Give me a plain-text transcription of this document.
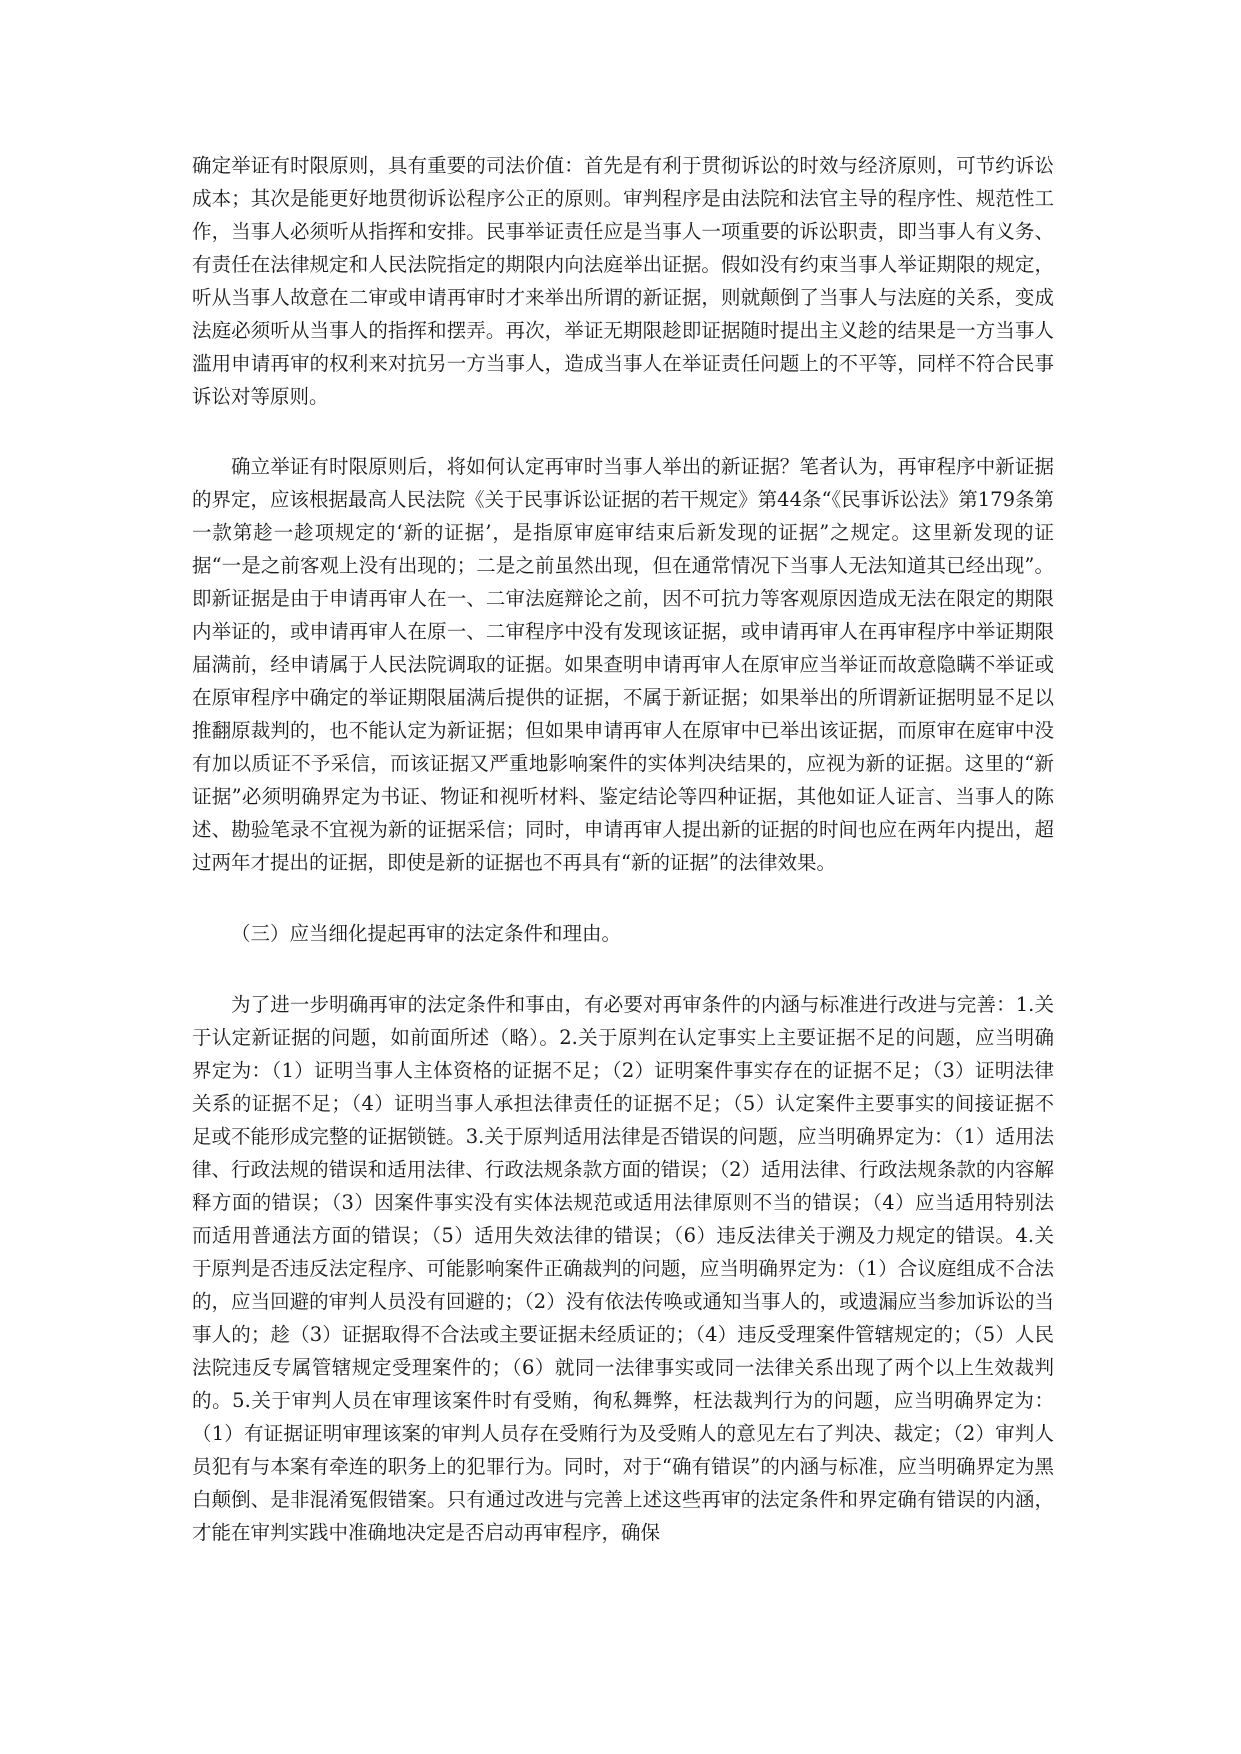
确定举证有时限原则，具有重要的司法价值：首先是有利于贯彻诉讼的时效与经济原则，可节约诉讼成本；其次是能更好地贯彻诉讼程序公正的原则。审判程序是由法院和法官主导的程序性、规范性工作，当事人必须听从指挥和安排。民事举证责任应是当事人一项重要的诉讼职责，即当事人有义务、有责任在法律规定和人民法院指定的期限内向法庭举出证据。假如没有约束当事人举证期限的规定，听从当事人故意在二审或申请再审时才来举出所谓的新证据，则就颠倒了当事人与法庭的关系，变成法庭必须听从当事人的指挥和摆弄。再次，举证无期限趁即证据随时提出主义趁的结果是一方当事人滥用申请再审的权利来对抗另一方当事人，造成当事人在举证责任问题上的不平等，同样不符合民事诉讼对等原则。

确立举证有时限原则后，将如何认定再审时当事人举出的新证据？笔者认为，再审程序中新证据的界定，应该根据最高人民法院《关于民事诉讼证据的若干规定》第44条“《民事诉讼法》第179条第一款第趁一趁项规定的‘新的证据’，是指原审庭审结束后新发现的证据”之规定。这里新发现的证据“一是之前客观上没有出现的；二是之前虽然出现，但在通常情况下当事人无法知道其已经出现”。即新证据是由于申请再审人在一、二审法庭辩论之前，因不可抗力等客观原因造成无法在限定的期限内举证的，或申请再审人在原一、二审程序中没有发现该证据，或申请再审人在再审程序中举证期限届满前，经申请属于人民法院调取的证据。如果查明申请再审人在原审应当举证而故意隐瞒不举证或在原审程序中确定的举证期限届满后提供的证据，不属于新证据；如果举出的所谓新证据明显不足以推翻原裁判的，也不能认定为新证据；但如果申请再审人在原审中已举出该证据，而原审在庭审中没有加以质证不予采信，而该证据又严重地影响案件的实体判决结果的，应视为新的证据。这里的“新证据”必须明确界定为书证、物证和视听材料、鉴定结论等四种证据，其他如证人证言、当事人的陈述、勘验笔录不宜视为新的证据采信；同时，申请再审人提出新的证据的时间也应在两年内提出，超过两年才提出的证据，即使是新的证据也不再具有“新的证据”的法律效果。

（三）应当细化提起再审的法定条件和理由。

为了进一步明确再审的法定条件和事由，有必要对再审条件的内涵与标准进行改进与完善：1.关于认定新证据的问题，如前面所述（略）。2.关于原判在认定事实上主要证据不足的问题，应当明确界定为：（1）证明当事人主体资格的证据不足；（2）证明案件事实存在的证据不足；（3）证明法律关系的证据不足；（4）证明当事人承担法律责任的证据不足；（5）认定案件主要事实的间接证据不足或不能形成完整的证据锁链。3.关于原判适用法律是否错误的问题，应当明确界定为：（1）适用法律、行政法规的错误和适用法律、行政法规条款方面的错误；（2）适用法律、行政法规条款的内容解释方面的错误；（3）因案件事实没有实体法规范或适用法律原则不当的错误；（4）应当适用特别法而适用普通法方面的错误；（5）适用失效法律的错误；（6）违反法律关于溯及力规定的错误。4.关于原判是否违反法定程序、可能影响案件正确裁判的问题，应当明确界定为：（1）合议庭组成不合法的，应当回避的审判人员没有回避的；（2）没有依法传唤或通知当事人的，或遗漏应当参加诉讼的当事人的；趁（3）证据取得不合法或主要证据未经质证的；（4）违反受理案件管辖规定的；（5）人民法院违反专属管辖规定受理案件的；（6）就同一法律事实或同一法律关系出现了两个以上生效裁判的。5.关于审判人员在审理该案件时有受贿，徇私舞弊，枉法裁判行为的问题，应当明确界定为：（1）有证据证明审理该案的审判人员存在受贿行为及受贿人的意见左右了判决、裁定；（2）审判人员犯有与本案有牵连的职务上的犯罪行为。同时，对于“确有错误”的内涵与标准，应当明确界定为黑白颠倒、是非混淆冤假错案。只有通过改进与完善上述这些再审的法定条件和界定确有错误的内涵，才能在审判实践中准确地决定是否启动再审程序，确保
